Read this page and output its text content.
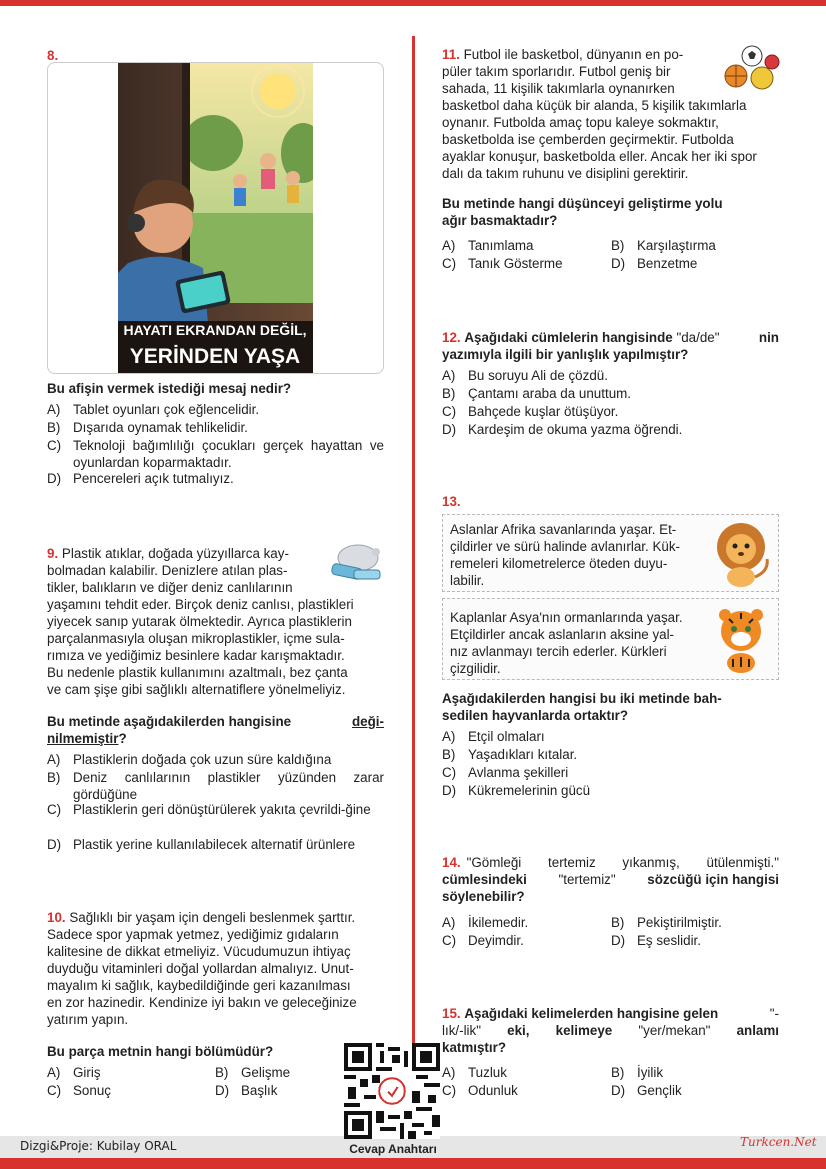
8.
HAYATI EKRANDAN DEĞİL,
YERİNDEN YAŞA
Bu afişin vermek istediği mesaj nedir?
A) Tablet oyunları çok eğlencelidir.
B) Dışarıda oynamak tehlikelidir.
C) Teknoloji bağımlılığı çocukları gerçek hayattan ve oyunlardan koparmaktadır.
D) Pencereleri açık tutmalıyız.
9. Plastik atıklar, doğada yüzyıllarca kay-
bolmadan kalabilir. Denizlere atılan plas-
tikler, balıkların ve diğer deniz canlılarının
yaşamını tehdit eder. Birçok deniz canlısı, plastikleri
yiyecek sanıp yutarak ölmektedir. Ayrıca plastiklerin
parçalanmasıyla oluşan mikroplastikler, içme sula-
rımıza ve yediğimiz besinlere kadar karışmaktadır.
Bu nedenle plastik kullanımını azaltmalı, bez çanta
ve cam şişe gibi sağlıklı alternatiflere yönelmeliyiz.
Bu metinde aşağıdakilerden hangisine	deği-
nilmemiştir?
A) Plastiklerin doğada çok uzun süre kaldığına
B) Deniz canlılarının plastikler yüzünden zarar gördüğüne
C) Plastiklerin geri dönüştürülerek yakıta çevrildi-ğine
D) Plastik yerine kullanılabilecek alternatif ürünlere
10. Sağlıklı bir yaşam için dengeli beslenmek şarttır.
Sadece spor yapmak yetmez, yediğimiz gıdaların
kalitesine de dikkat etmeliyiz. Vücudumuzun ihtiyaç
duyduğu vitaminleri doğal yollardan almalıyız. Unut-
mayalım ki sağlık, kaybedildiğinde geri kazanılması
en zor hazinedir. Kendinize iyi bakın ve geleceğinize
yatırım yapın.
Bu parça metnin hangi bölümüdür?
A) Giriş	B) Gelişme
C) Sonuç	D) Başlık
11. Futbol ile basketbol, dünyanın en po-
püler takım sporlarıdır. Futbol geniş bir
sahada, 11 kişilik takımlarla oynanırken
basketbol daha küçük bir alanda, 5 kişilik takımlarla
oynanır. Futbolda amaç topu kaleye sokmaktır,
basketbolda ise çemberden geçirmektir. Futbolda
ayaklar konuşur, basketbolda eller. Ancak her iki spor
dalı da takım ruhunu ve disiplini gerektirir.
Bu metinde hangi düşünceyi geliştirme yolu
ağır basmaktadır?
A) Tanımlama	B) Karşılaştırma
C) Tanık Gösterme	D) Benzetme
12. Aşağıdaki cümlelerin hangisinde "da/de"	nin
yazımıyla ilgili bir yanlışlık yapılmıştır?
A) Bu soruyu Ali de çözdü.
B) Çantamı araba da unuttum.
C) Bahçede kuşlar ötüşüyor.
D) Kardeşim de okuma yazma öğrendi.
13.
Aslanlar Afrika savanlarında yaşar. Et-
çildirler ve sürü halinde avlanırlar. Kük-
remeleri kilometrelerce öteden duyu-
labilir.
Kaplanlar Asya'nın ormanlarında yaşar.
Etçildirler ancak aslanların aksine yal-
nız avlanmayı tercih ederler. Kürkleri
çizgilidir.
Aşağıdakilerden hangisi bu iki metinde bah-
sedilen hayvanlarda ortaktır?
A) Etçil olmaları
B) Yaşadıkları kıtalar.
C) Avlanma şekilleri
D) Kükremelerinin gücü
14. "Gömleği tertemiz yıkanmış, ütülenmişti."
cümlesindeki "tertemiz" sözcüğü için hangisi
söylenebilir?
A) İkilemedir.	B) Pekiştirilmiştir.
C) Deyimdir.	D) Eş seslidir.
15. Aşağıdaki kelimelerden hangisine gelen	"-
lık/-lik" eki, kelimeye "yer/mekan" anlamı
katmıştır?
A) Tuzluk	B) İyilik
C) Odunluk	D) Gençlik
Dizgi&Proje: Kubilay ORAL	Cevap Anahtarı	Turkcen.Net
